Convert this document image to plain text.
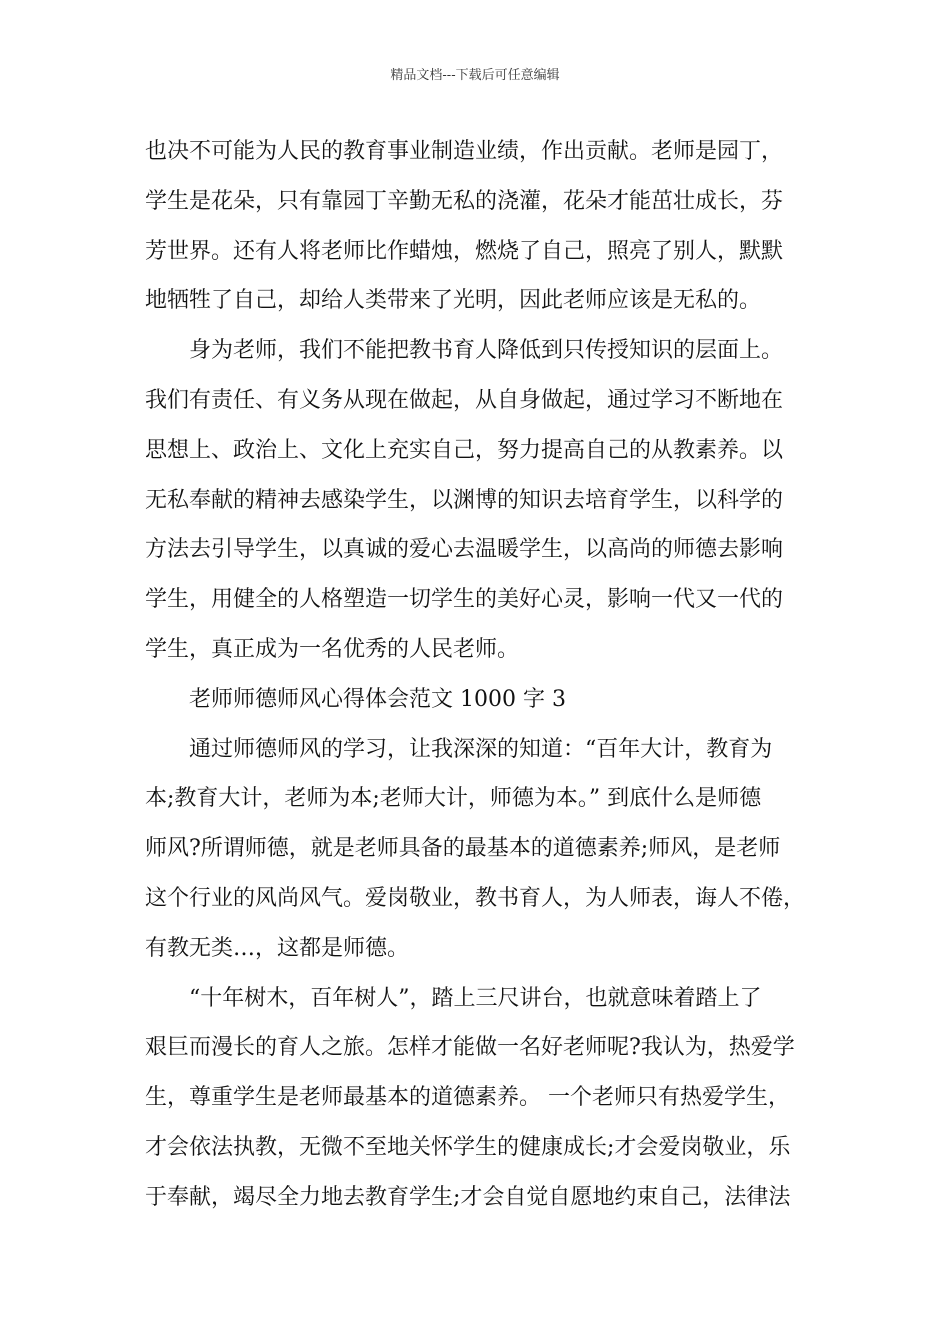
精品文档---下载后可任意编辑
也决不可能为人民的教育事业制造业绩，作出贡献。老师是园丁，
学生是花朵，只有靠园丁辛勤无私的浇灌，花朵才能茁壮成长，芬
芳世界。还有人将老师比作蜡烛，燃烧了自己，照亮了别人，默默
地牺牲了自己，却给人类带来了光明，因此老师应该是无私的。
身为老师，我们不能把教书育人降低到只传授知识的层面上。
我们有责任、有义务从现在做起，从自身做起，通过学习不断地在
思想上、政治上、文化上充实自己，努力提高自己的从教素养。以
无私奉献的精神去感染学生，以渊博的知识去培育学生，以科学的
方法去引导学生，以真诚的爱心去温暖学生，以高尚的师德去影响
学生，用健全的人格塑造一切学生的美好心灵，影响一代又一代的
学生，真正成为一名优秀的人民老师。
老师师德师风心得体会范文 1000 字 3
通过师德师风的学习，让我深深的知道：“百年大计，教育为
本;教育大计，老师为本;老师大计，师德为本。” 到底什么是师德
师风?所谓师德，就是老师具备的最基本的道德素养;师风，是老师
这个行业的风尚风气。爱岗敬业，教书育人，为人师表，诲人不倦，
有教无类…，这都是师德。
“十年树木，百年树人”，踏上三尺讲台，也就意味着踏上了
艰巨而漫长的育人之旅。怎样才能做一名好老师呢?我认为，热爱学
生，尊重学生是老师最基本的道德素养。 一个老师只有热爱学生，
才会依法执教，无微不至地关怀学生的健康成长;才会爱岗敬业，乐
于奉献，竭尽全力地去教育学生;才会自觉自愿地约束自己，法律法
